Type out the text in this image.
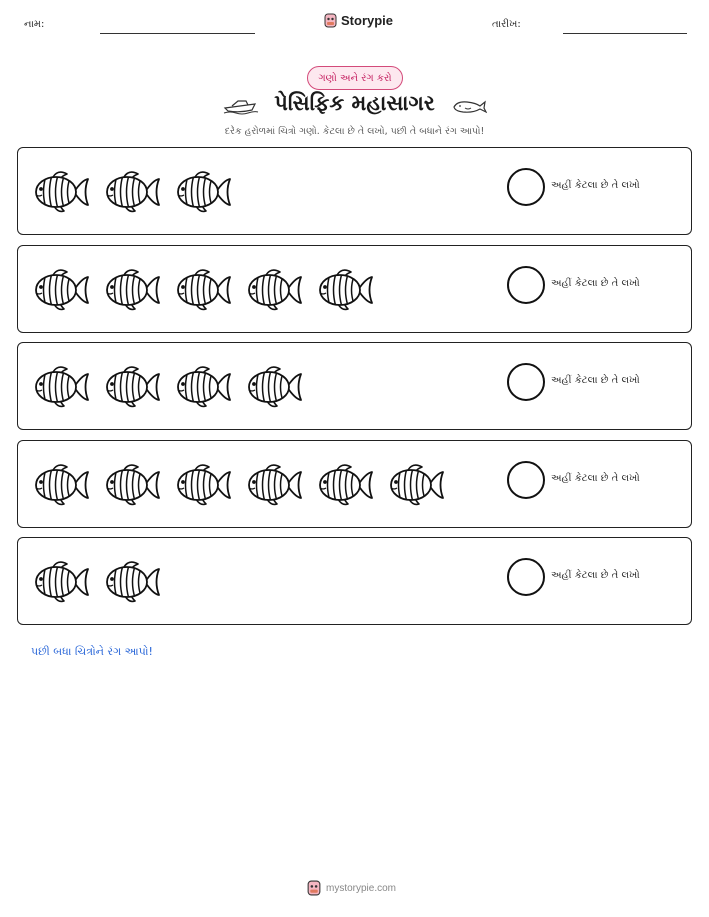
નામ:	Storypie	તારીખ:
ગણો અને રંગ કરો
પેસિફિક મહાસાગર
દરેક હરોળમાં ચિત્રો ગણો. કેટલા છે તે લખો, પછી તે બધાને રંગ આપો!
અહીં કેટલા છે તે લખો
અહીં કેટલા છે તે લખો
અહીં કેટલા છે તે લખો
અહીં કેટલા છે તે લખો
અહીં કેટલા છે તે લખો
પછી બધા ચિત્રોને રંગ આપો!
mystorypie.com
